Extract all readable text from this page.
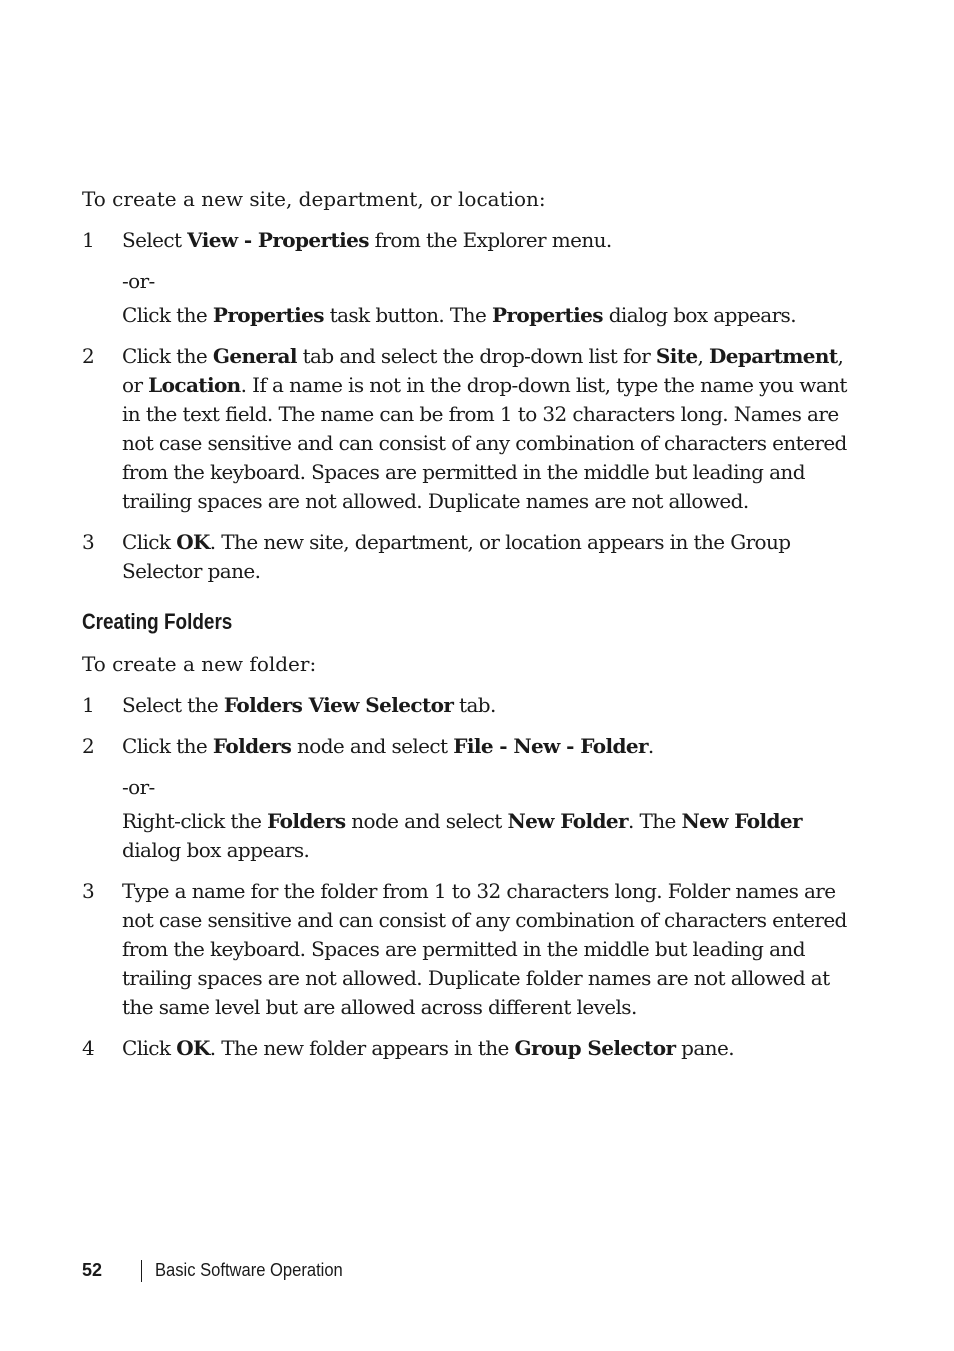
To create a new site, department, or location:

1 Select View - Properties from the Explorer menu.
-or-
Click the Properties task button. The Properties dialog box appears.
2 Click the General tab and select the drop-down list for Site, Department,
or Location. If a name is not in the drop-down list, type the name you want
in the text field. The name can be from 1 to 32 characters long. Names are
not case sensitive and can consist of any combination of characters entered
from the keyboard. Spaces are permitted in the middle but leading and
trailing spaces are not allowed. Duplicate names are not allowed.
3 Click OK. The new site, department, or location appears in the Group
Selector pane.
Creating Folders

To create a new folder:

1 Select the Folders View Selector tab.
2 Click the Folders node and select File - New - Folder.
-or-
Right-click the Folders node and select New Folder. The New Folder
dialog box appears.
3 Type a name for the folder from 1 to 32 characters long. Folder names are
not case sensitive and can consist of any combination of characters entered
from the keyboard. Spaces are permitted in the middle but leading and
trailing spaces are not allowed. Duplicate folder names are not allowed at
the same level but are allowed across different levels.
4 Click OK. The new folder appears in the Group Selector pane.
52	Basic Software Operation
